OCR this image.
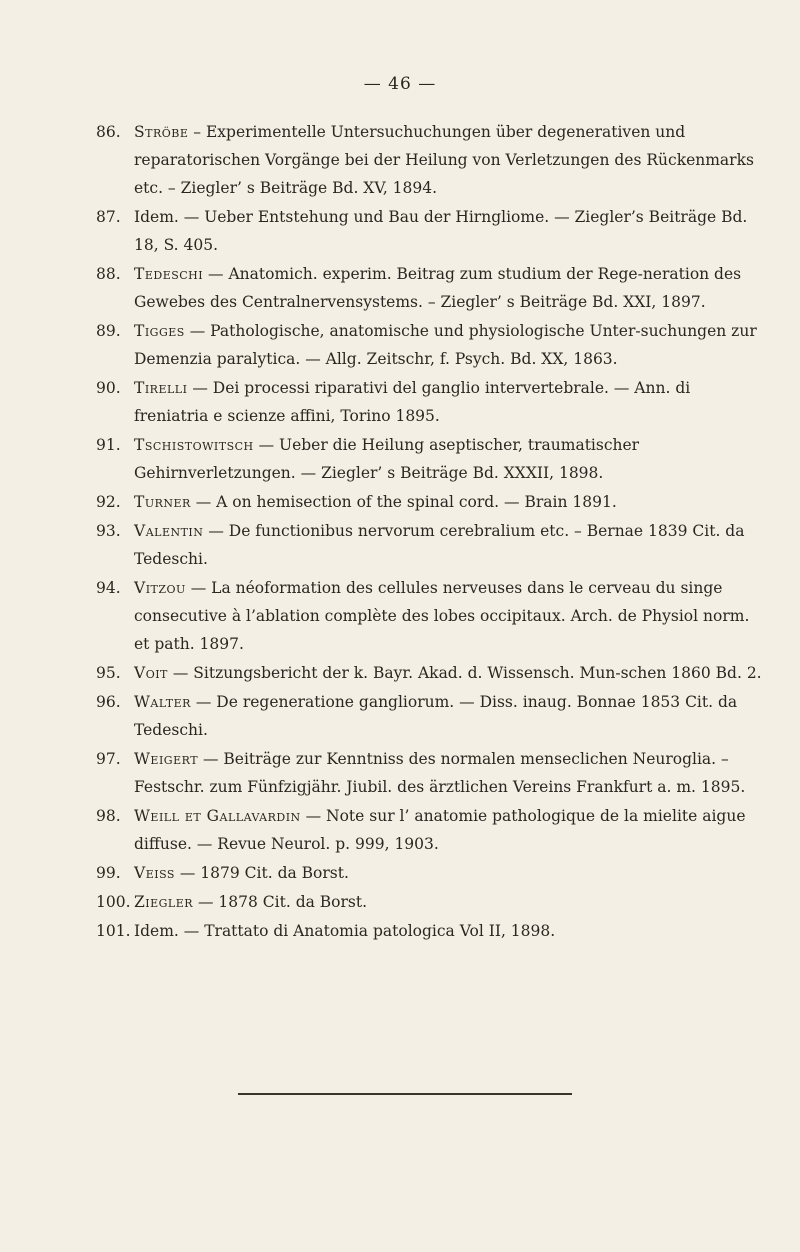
— 46 —
86. Ströbe – Experimentelle Untersuchuchungen über degenerativen und reparatorischen Vorgänge bei der Heilung von Verletzungen des Rückenmarks etc. – Ziegler’ s Beiträge Bd. XV, 1894.
87. Idem. — Ueber Entstehung und Bau der Hirngliome. — Ziegler’s Beiträge Bd. 18, S. 405.
88. Tedeschi — Anatomich. experim. Beitrag zum studium der Rege-neration des Gewebes des Centralnervensystems. – Ziegler’ s Beiträge Bd. XXI, 1897.
89. Tigges — Pathologische, anatomische und physiologische Unter-suchungen zur Demenzia paralytica. — Allg. Zeitschr, f. Psych. Bd. XX, 1863.
90. Tirelli — Dei processi riparativi del ganglio intervertebrale. — Ann. di freniatria e scienze affini, Torino 1895.
91. Tschistowitsch — Ueber die Heilung aseptischer, traumatischer Gehirnverletzungen. — Ziegler’ s Beiträge Bd. XXXII, 1898.
92. Turner — A on hemisection of the spinal cord. — Brain 1891.
93. Valentin — De functionibus nervorum cerebralium etc. – Bernae 1839 Cit. da Tedeschi.
94. Vitzou — La néoformation des cellules nerveuses dans le cerveau du singe consecutive à l’ablation complète des lobes occipitaux. Arch. de Physiol norm. et path. 1897.
95. Voit — Sitzungsbericht der k. Bayr. Akad. d. Wissensch. Mun-schen 1860 Bd. 2.
96. Walter — De regeneratione gangliorum. — Diss. inaug. Bonnae 1853 Cit. da Tedeschi.
97. Weigert — Beiträge zur Kenntniss des normalen menseclichen Neuroglia. – Festschr. zum Fünfzigjähr. Jiubil. des ärztlichen Vereins Frankfurt a. m. 1895.
98. Weill et Gallavardin — Note sur l’ anatomie pathologique de la mielite aigue diffuse. — Revue Neurol. p. 999, 1903.
99. Veiss — 1879 Cit. da Borst.
100. Ziegler — 1878 Cit. da Borst.
101. Idem. — Trattato di Anatomia patologica Vol II, 1898.
